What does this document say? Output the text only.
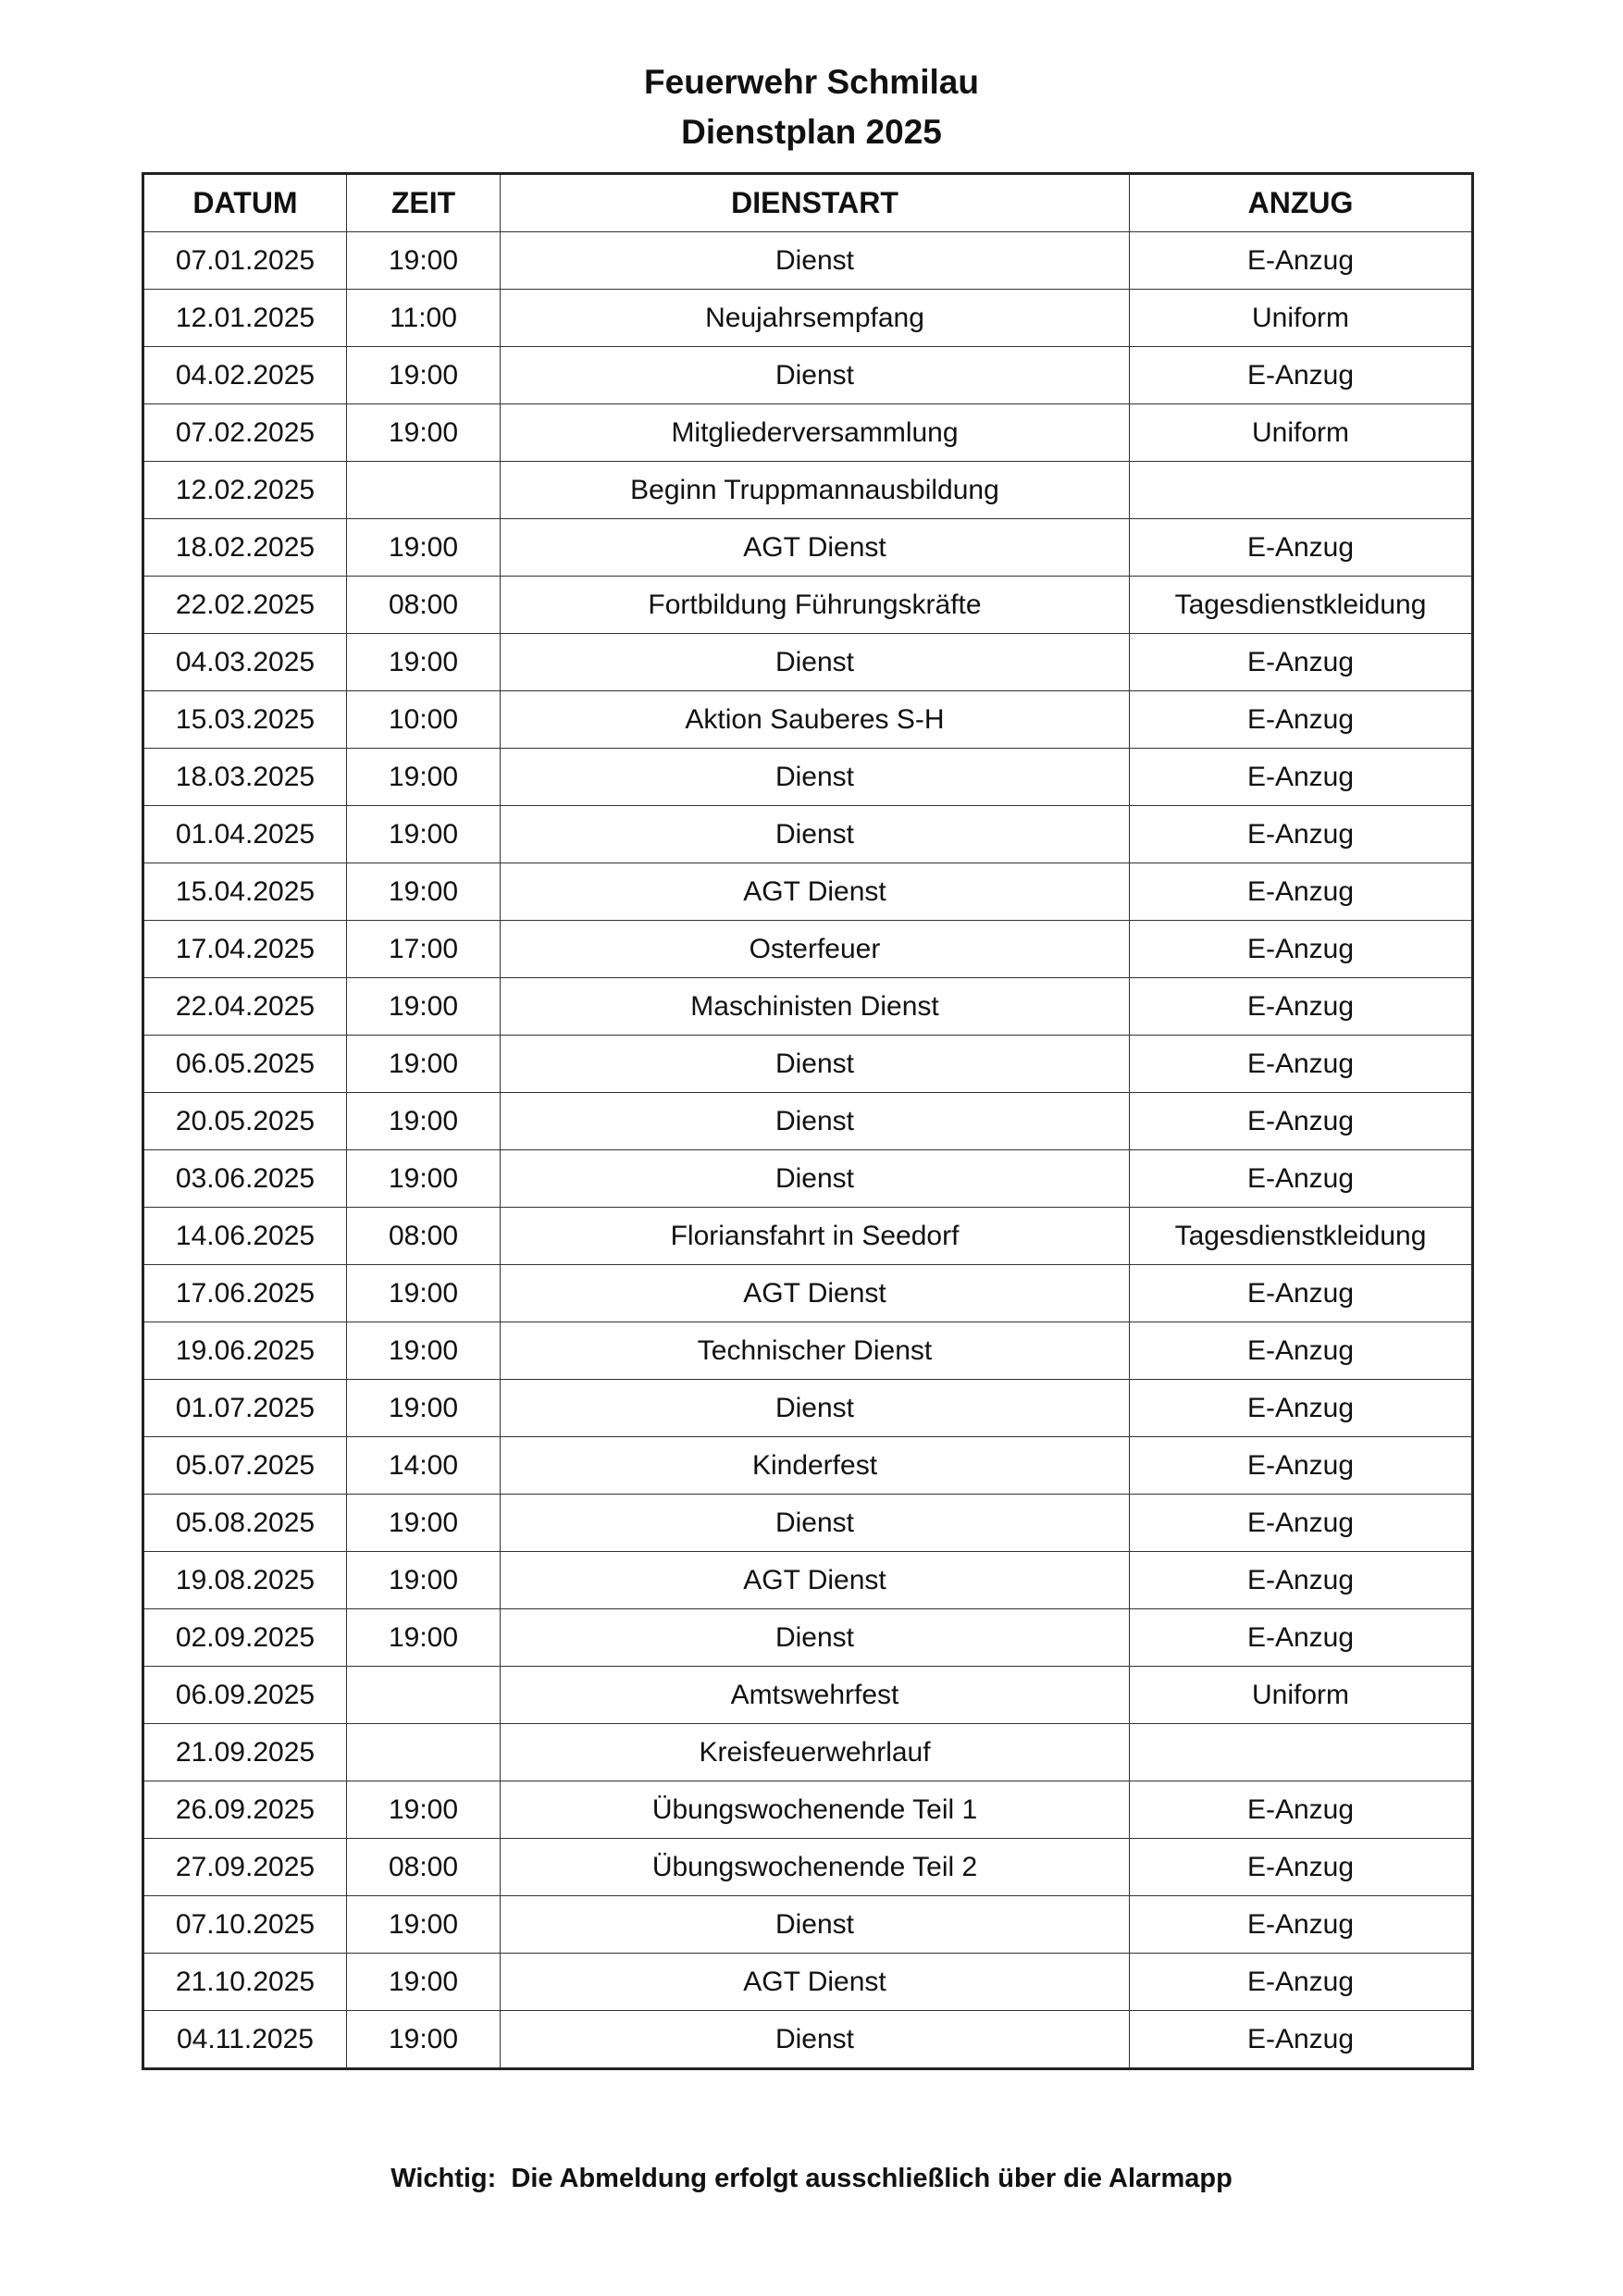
Feuerwehr Schmilau

Dienstplan 2025

DATUM	ZEIT	DIENSTART	ANZUG
07.01.2025	19:00	Dienst	E-Anzug
12.01.2025	11:00	Neujahrsempfang	Uniform
04.02.2025	19:00	Dienst	E-Anzug
07.02.2025	19:00	Mitgliederversammlung	Uniform
12.02.2025		Beginn Truppmannausbildung	
18.02.2025	19:00	AGT Dienst	E-Anzug
22.02.2025	08:00	Fortbildung Führungskräfte	Tagesdienstkleidung
04.03.2025	19:00	Dienst	E-Anzug
15.03.2025	10:00	Aktion Sauberes S-H	E-Anzug
18.03.2025	19:00	Dienst	E-Anzug
01.04.2025	19:00	Dienst	E-Anzug
15.04.2025	19:00	AGT Dienst	E-Anzug
17.04.2025	17:00	Osterfeuer	E-Anzug
22.04.2025	19:00	Maschinisten Dienst	E-Anzug
06.05.2025	19:00	Dienst	E-Anzug
20.05.2025	19:00	Dienst	E-Anzug
03.06.2025	19:00	Dienst	E-Anzug
14.06.2025	08:00	Floriansfahrt in Seedorf	Tagesdienstkleidung
17.06.2025	19:00	AGT Dienst	E-Anzug
19.06.2025	19:00	Technischer Dienst	E-Anzug
01.07.2025	19:00	Dienst	E-Anzug
05.07.2025	14:00	Kinderfest	E-Anzug
05.08.2025	19:00	Dienst	E-Anzug
19.08.2025	19:00	AGT Dienst	E-Anzug
02.09.2025	19:00	Dienst	E-Anzug
06.09.2025		Amtswehrfest	Uniform
21.09.2025		Kreisfeuerwehrlauf	
26.09.2025	19:00	Übungswochenende Teil 1	E-Anzug
27.09.2025	08:00	Übungswochenende Teil 2	E-Anzug
07.10.2025	19:00	Dienst	E-Anzug
21.10.2025	19:00	AGT Dienst	E-Anzug
04.11.2025	19:00	Dienst	E-Anzug
Wichtig:  Die Abmeldung erfolgt ausschließlich über die Alarmapp
